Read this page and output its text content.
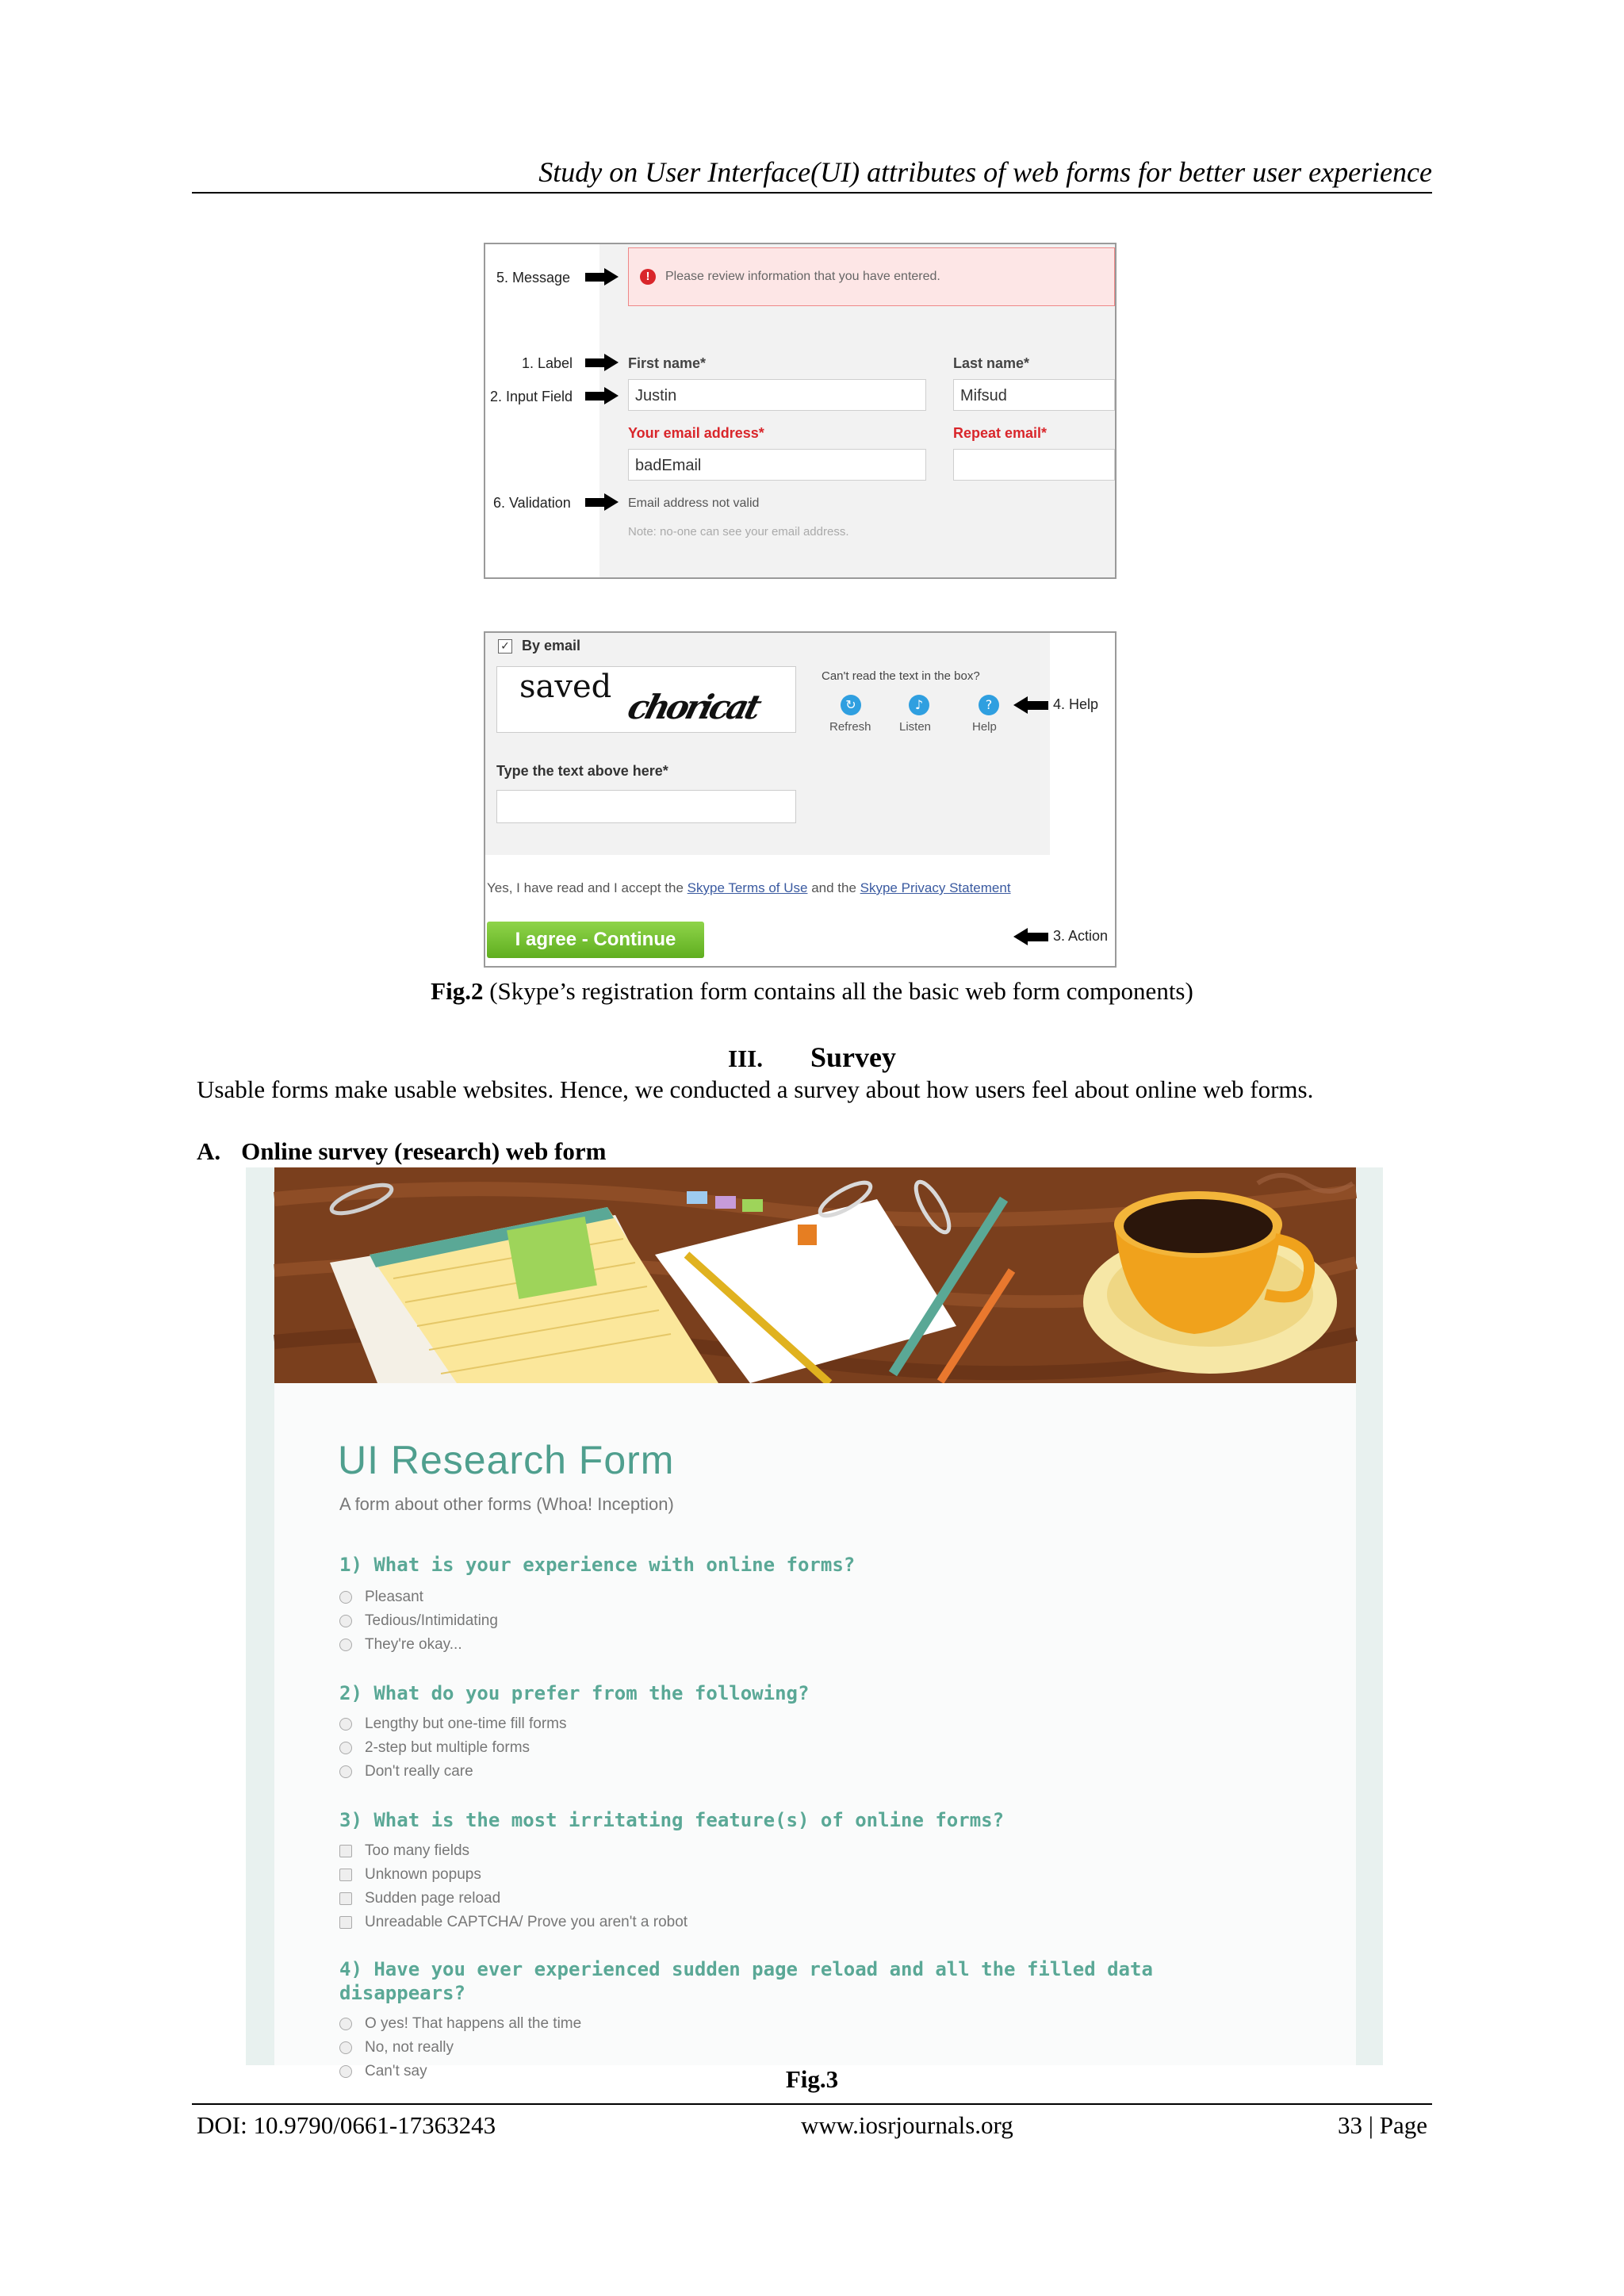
Study on User Interface(UI) attributes of web forms for better user experience
5. Message
1. Label
2. Input Field
6. Validation
!	Please review information that you have entered.
First name*
Justin
Last name*
Mifsud
Your email address*
badEmail
Repeat email*
Email address not valid
Note: no-one can see your email address.
✓ By email
saved
choricat
Can't read the text in the box?
↻
Refresh
♪
Listen
?
Help
4. Help
Type the text above here*
Yes, I have read and I accept the Skype Terms of Use and the Skype Privacy Statement
I agree - Continue	3. Action
Fig.2 (Skype’s registration form contains all the basic web form components)
III. Survey
Usable forms make usable websites. Hence, we conducted a survey about how users feel about online web forms.
A. Online survey (research) web form
UI Research Form
A form about other forms (Whoa! Inception)
1) What is your experience with online forms?
Pleasant
Tedious/Intimidating
They're okay...
2) What do you prefer from the following?
Lengthy but one-time fill forms
2-step but multiple forms
Don't really care
3) What is the most irritating feature(s) of online forms?
Too many fields
Unknown popups
Sudden page reload
Unreadable CAPTCHA/ Prove you aren't a robot
4) Have you ever experienced sudden page reload and all the filled data disappears?
O yes! That happens all the time
No, not really
Can't say	Fig.3
DOI: 10.9790/0661-17363243	www.iosrjournals.org	33 | Page
